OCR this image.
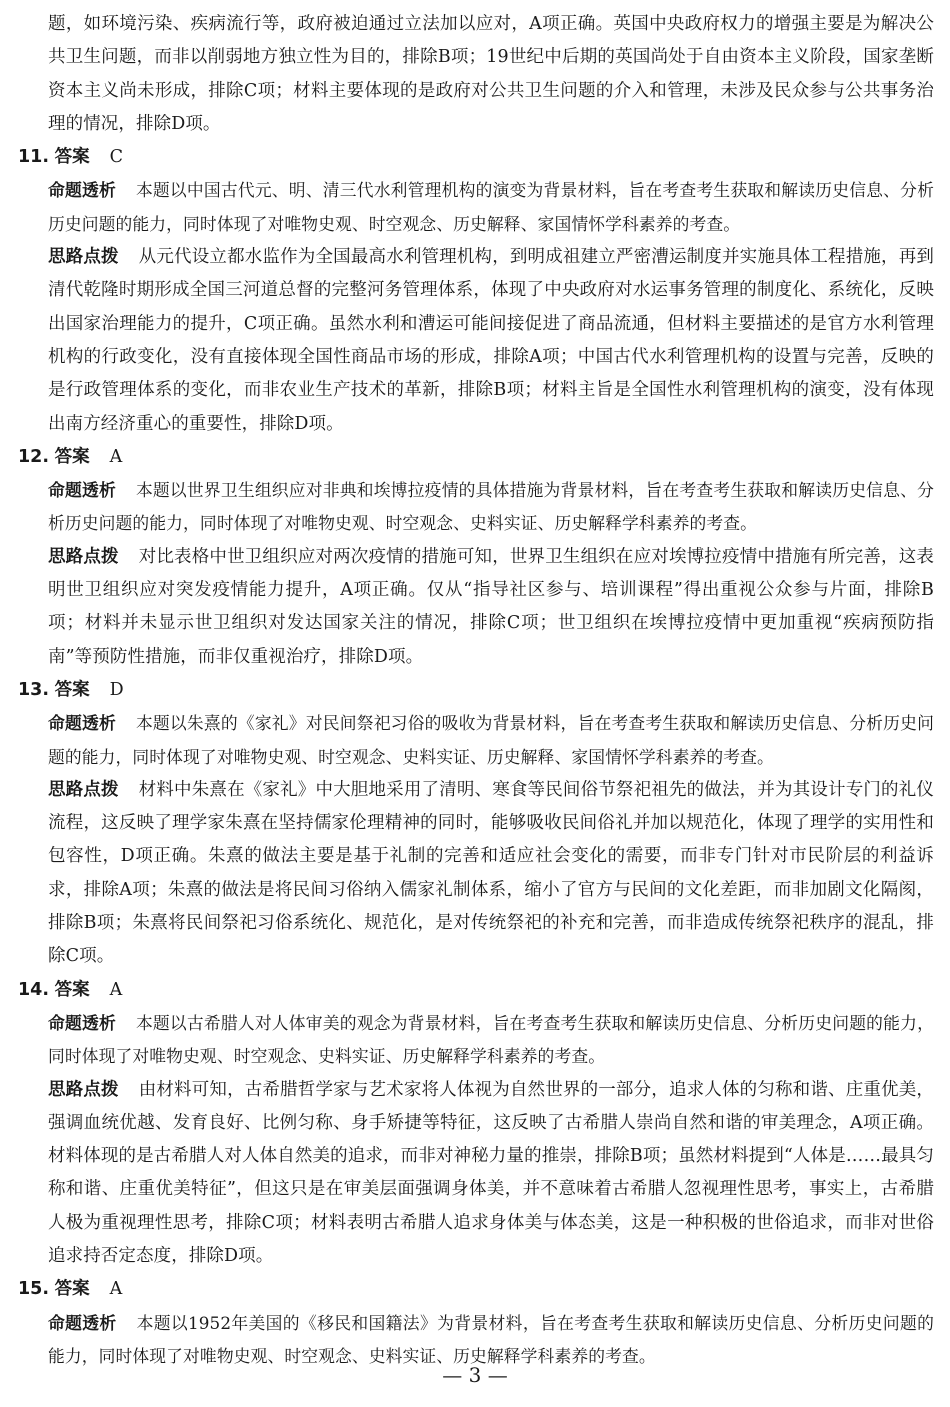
题，如环境污染、疾病流行等，政府被迫通过立法加以应对，A项正确。英国中央政府权力的增强主要是为解决公共卫生问题，而非以削弱地方独立性为目的，排除B项；19世纪中后期的英国尚处于自由资本主义阶段，国家垄断资本主义尚未形成，排除C项；材料主要体现的是政府对公共卫生问题的介入和管理，未涉及民众参与公共事务治理的情况，排除D项。

11. 答案 C

命题透析 本题以中国古代元、明、清三代水利管理机构的演变为背景材料，旨在考查考生获取和解读历史信息、分析历史问题的能力，同时体现了对唯物史观、时空观念、历史解释、家国情怀学科素养的考查。

思路点拨 从元代设立都水监作为全国最高水利管理机构，到明成祖建立严密漕运制度并实施具体工程措施，再到清代乾隆时期形成全国三河道总督的完整河务管理体系，体现了中央政府对水运事务管理的制度化、系统化，反映出国家治理能力的提升，C项正确。虽然水利和漕运可能间接促进了商品流通，但材料主要描述的是官方水利管理机构的行政变化，没有直接体现全国性商品市场的形成，排除A项；中国古代水利管理机构的设置与完善，反映的是行政管理体系的变化，而非农业生产技术的革新，排除B项；材料主旨是全国性水利管理机构的演变，没有体现出南方经济重心的重要性，排除D项。

12. 答案 A

命题透析 本题以世界卫生组织应对非典和埃博拉疫情的具体措施为背景材料，旨在考查考生获取和解读历史信息、分析历史问题的能力，同时体现了对唯物史观、时空观念、史料实证、历史解释学科素养的考查。

思路点拨 对比表格中世卫组织应对两次疫情的措施可知，世界卫生组织在应对埃博拉疫情中措施有所完善，这表明世卫组织应对突发疫情能力提升，A项正确。仅从“指导社区参与、培训课程”得出重视公众参与片面，排除B项；材料并未显示世卫组织对发达国家关注的情况，排除C项；世卫组织在埃博拉疫情中更加重视“疾病预防指南”等预防性措施，而非仅重视治疗，排除D项。

13. 答案 D

命题透析 本题以朱熹的《家礼》对民间祭祀习俗的吸收为背景材料，旨在考查考生获取和解读历史信息、分析历史问题的能力，同时体现了对唯物史观、时空观念、史料实证、历史解释、家国情怀学科素养的考查。

思路点拨 材料中朱熹在《家礼》中大胆地采用了清明、寒食等民间俗节祭祀祖先的做法，并为其设计专门的礼仪流程，这反映了理学家朱熹在坚持儒家伦理精神的同时，能够吸收民间俗礼并加以规范化，体现了理学的实用性和包容性，D项正确。朱熹的做法主要是基于礼制的完善和适应社会变化的需要，而非专门针对市民阶层的利益诉求，排除A项；朱熹的做法是将民间习俗纳入儒家礼制体系，缩小了官方与民间的文化差距，而非加剧文化隔阂，排除B项；朱熹将民间祭祀习俗系统化、规范化，是对传统祭祀的补充和完善，而非造成传统祭祀秩序的混乱，排除C项。

14. 答案 A

命题透析 本题以古希腊人对人体审美的观念为背景材料，旨在考查考生获取和解读历史信息、分析历史问题的能力，同时体现了对唯物史观、时空观念、史料实证、历史解释学科素养的考查。

思路点拨 由材料可知，古希腊哲学家与艺术家将人体视为自然世界的一部分，追求人体的匀称和谐、庄重优美，强调血统优越、发育良好、比例匀称、身手矫捷等特征，这反映了古希腊人崇尚自然和谐的审美理念，A项正确。材料体现的是古希腊人对人体自然美的追求，而非对神秘力量的推崇，排除B项；虽然材料提到“人体是……最具匀称和谐、庄重优美特征”，但这只是在审美层面强调身体美，并不意味着古希腊人忽视理性思考，事实上，古希腊人极为重视理性思考，排除C项；材料表明古希腊人追求身体美与体态美，这是一种积极的世俗追求，而非对世俗追求持否定态度，排除D项。

15. 答案 A

命题透析 本题以1952年美国的《移民和国籍法》为背景材料，旨在考查考生获取和解读历史信息、分析历史问题的能力，同时体现了对唯物史观、时空观念、史料实证、历史解释学科素养的考查。

— 3 —
